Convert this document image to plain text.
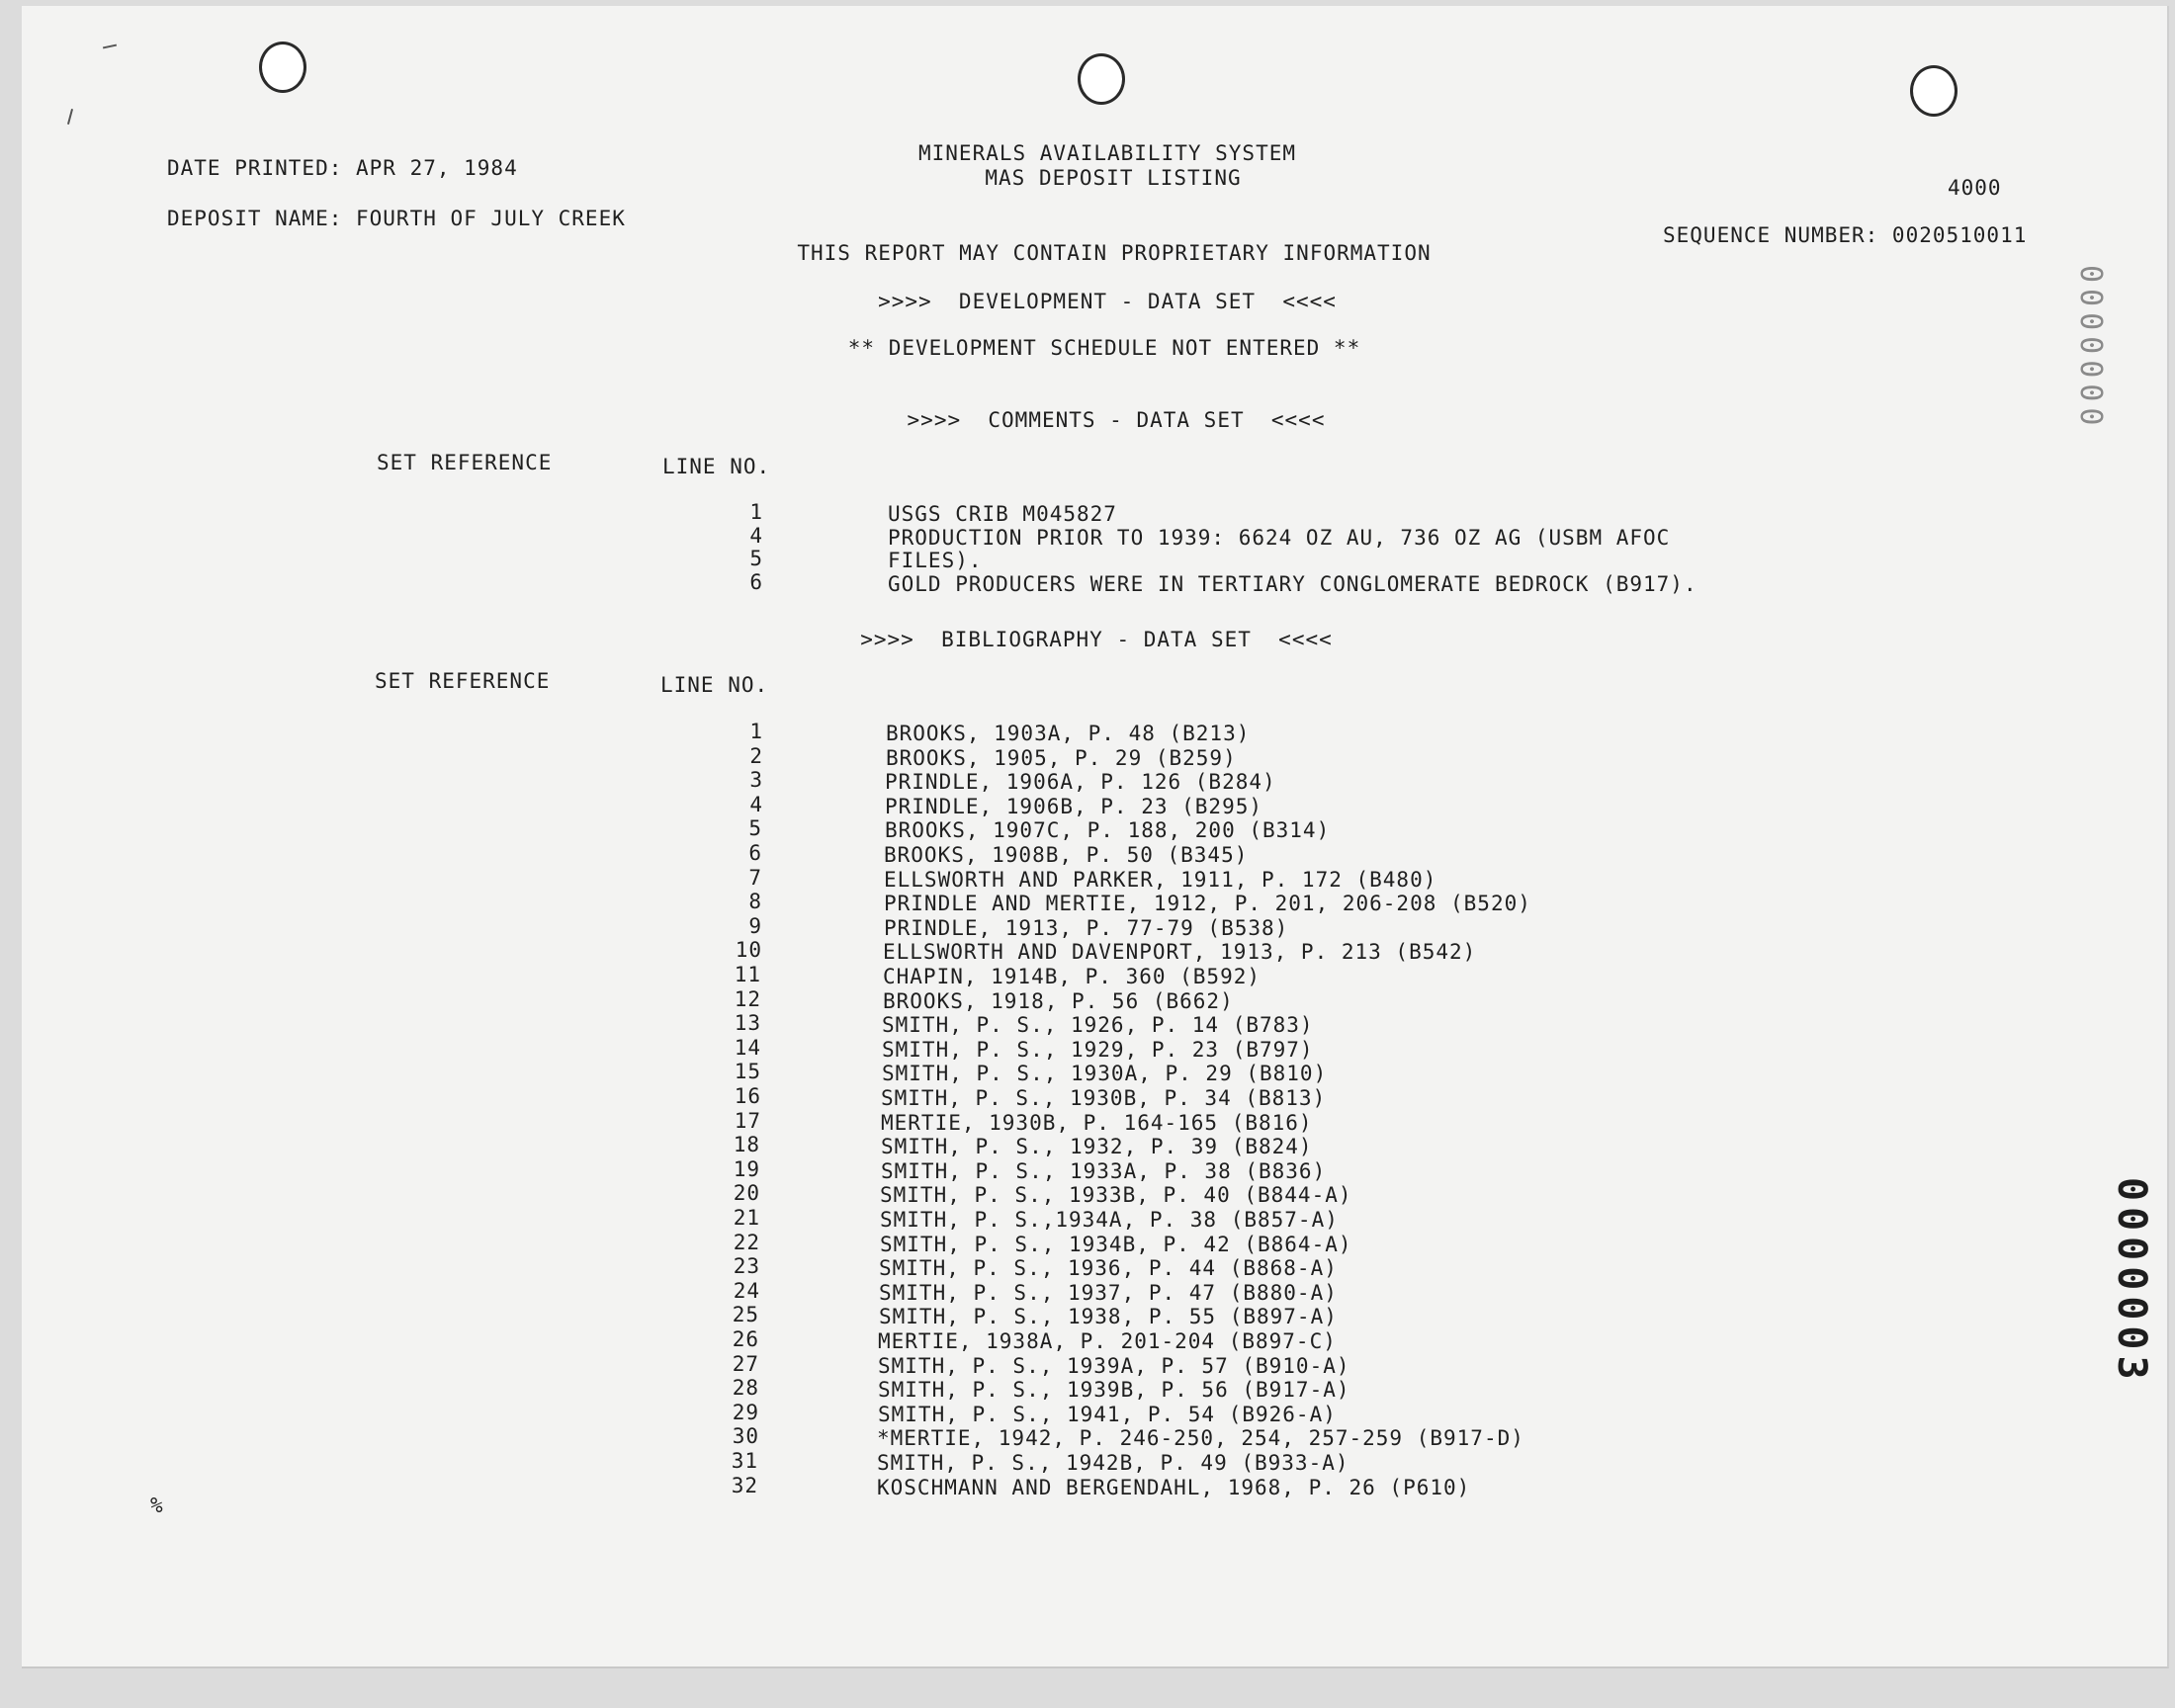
DATE PRINTED: APR 27, 1984
DEPOSIT NAME: FOURTH OF JULY CREEK
MINERALS AVAILABILITY SYSTEM
MAS DEPOSIT LISTING	4000
SEQUENCE NUMBER: 0020510011
THIS REPORT MAY CONTAIN PROPRIETARY INFORMATION
>>>>  DEVELOPMENT - DATA SET  <<<<
** DEVELOPMENT SCHEDULE NOT ENTERED **
>>>>  COMMENTS - DATA SET  <<<<
SET REFERENCE	LINE NO.
1	USGS CRIB M045827
4	PRODUCTION PRIOR TO 1939: 6624 OZ AU, 736 OZ AG (USBM AFOC
5	FILES).
6	GOLD PRODUCERS WERE IN TERTIARY CONGLOMERATE BEDROCK (B917).
>>>>  BIBLIOGRAPHY - DATA SET  <<<<
SET REFERENCE	LINE NO.
1	BROOKS, 1903A, P. 48 (B213)
2	BROOKS, 1905, P. 29 (B259)
3	PRINDLE, 1906A, P. 126 (B284)
4	PRINDLE, 1906B, P. 23 (B295)
5	BROOKS, 1907C, P. 188, 200 (B314)
6	BROOKS, 1908B, P. 50 (B345)
7	ELLSWORTH AND PARKER, 1911, P. 172 (B480)
8	PRINDLE AND MERTIE, 1912, P. 201, 206-208 (B520)
9	PRINDLE, 1913, P. 77-79 (B538)
10	ELLSWORTH AND DAVENPORT, 1913, P. 213 (B542)
11	CHAPIN, 1914B, P. 360 (B592)
12	BROOKS, 1918, P. 56 (B662)
13	SMITH, P. S., 1926, P. 14 (B783)
14	SMITH, P. S., 1929, P. 23 (B797)
15	SMITH, P. S., 1930A, P. 29 (B810)
16	SMITH, P. S., 1930B, P. 34 (B813)
17	MERTIE, 1930B, P. 164-165 (B816)
18	SMITH, P. S., 1932, P. 39 (B824)
19	SMITH, P. S., 1933A, P. 38 (B836)
20	SMITH, P. S., 1933B, P. 40 (B844-A)
21	SMITH, P. S.,1934A, P. 38 (B857-A)
22	SMITH, P. S., 1934B, P. 42 (B864-A)
23	SMITH, P. S., 1936, P. 44 (B868-A)
24	SMITH, P. S., 1937, P. 47 (B880-A)
25	SMITH, P. S., 1938, P. 55 (B897-A)
26	MERTIE, 1938A, P. 201-204 (B897-C)
27	SMITH, P. S., 1939A, P. 57 (B910-A)
28	SMITH, P. S., 1939B, P. 56 (B917-A)
29	SMITH, P. S., 1941, P. 54 (B926-A)
30	*MERTIE, 1942, P. 246-250, 254, 257-259 (B917-D)
31	SMITH, P. S., 1942B, P. 49 (B933-A)
32	KOSCHMANN AND BERGENDAHL, 1968, P. 26 (P610)
%
0000000
0000003
